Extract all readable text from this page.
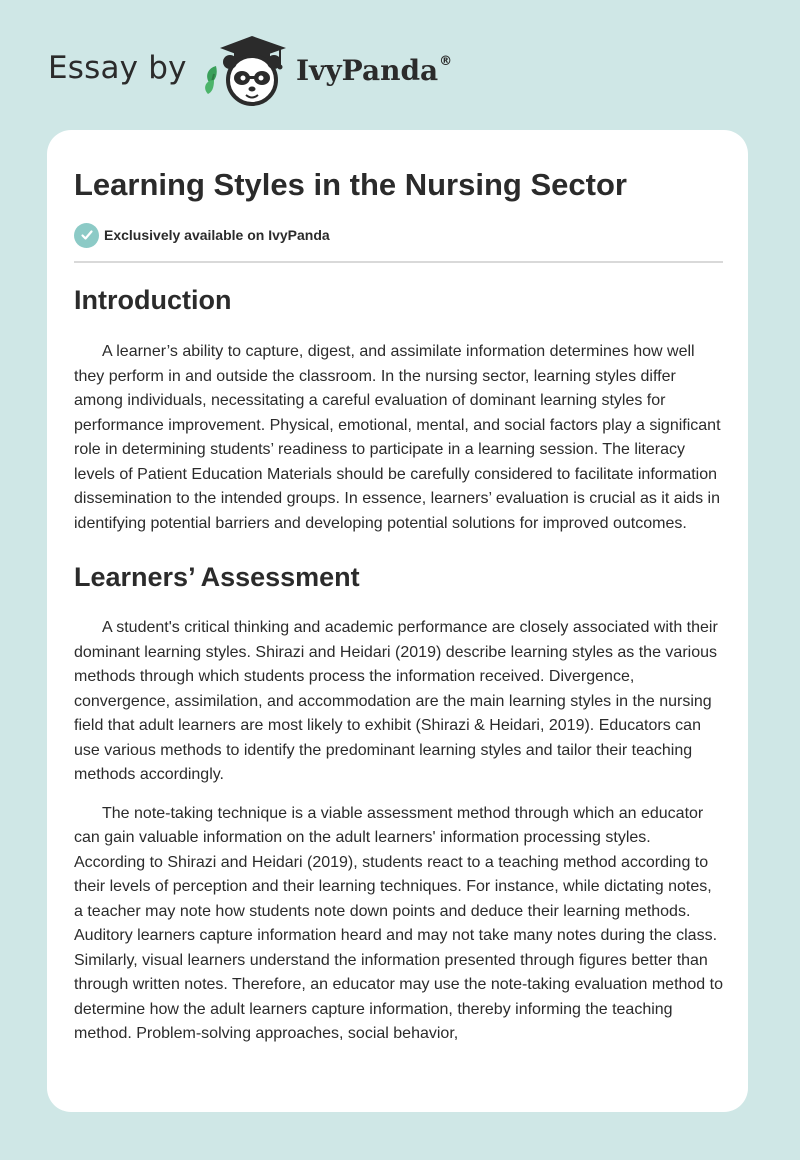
Essay by	IvyPanda®
Learning Styles in the Nursing Sector
Exclusively available on IvyPanda
Introduction

A learner’s ability to capture, digest, and assimilate information determines how well they perform in and outside the classroom. In the nursing sector, learning styles differ among individuals, necessitating a careful evaluation of dominant learning styles for performance improvement. Physical, emotional, mental, and social factors play a significant role in determining students’ readiness to participate in a learning session. The literacy levels of Patient Education Materials should be carefully considered to facilitate information dissemination to the intended groups. In essence, learners’ evaluation is crucial as it aids in identifying potential barriers and developing potential solutions for improved outcomes.

Learners’ Assessment

A student's critical thinking and academic performance are closely associated with their dominant learning styles. Shirazi and Heidari (2019) describe learning styles as the various methods through which students process the information received. Divergence, convergence, assimilation, and accommodation are the main learning styles in the nursing field that adult learners are most likely to exhibit (Shirazi & Heidari, 2019). Educators can use various methods to identify the predominant learning styles and tailor their teaching methods accordingly.

The note-taking technique is a viable assessment method through which an educator can gain valuable information on the adult learners' information processing styles. According to Shirazi and Heidari (2019), students react to a teaching method according to their levels of perception and their learning techniques. For instance, while dictating notes, a teacher may note how students note down points and deduce their learning methods. Auditory learners capture information heard and may not take many notes during the class. Similarly, visual learners understand the information presented through figures better than through written notes. Therefore, an educator may use the note-taking evaluation method to determine how the adult learners capture information, thereby informing the teaching method. Problem-solving approaches, social behavior,
